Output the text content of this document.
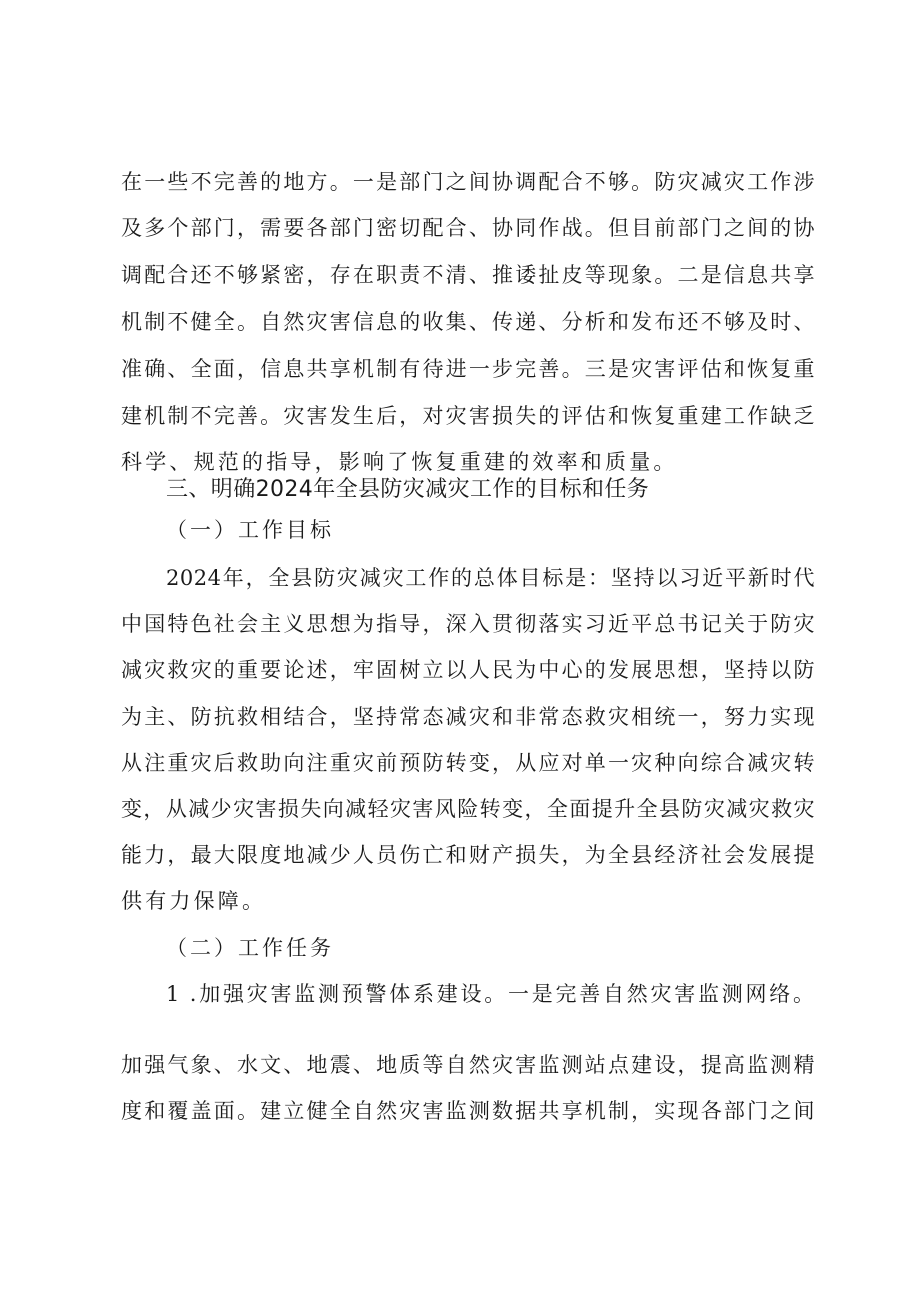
在一些不完善的地方。一是部门之间协调配合不够。防灾减灾工作涉
及多个部门，需要各部门密切配合、协同作战。但目前部门之间的协
调配合还不够紧密，存在职责不清、推诿扯皮等现象。二是信息共享
机制不健全。自然灾害信息的收集、传递、分析和发布还不够及时、
准确、全面，信息共享机制有待进一步完善。三是灾害评估和恢复重
建机制不完善。灾害发生后，对灾害损失的评估和恢复重建工作缺乏
科学、规范的指导，影响了恢复重建的效率和质量。
三、明确2024年全县防灾减灾工作的目标和任务
（一）工作目标
2024年，全县防灾减灾工作的总体目标是：坚持以习近平新时代
中国特色社会主义思想为指导，深入贯彻落实习近平总书记关于防灾
减灾救灾的重要论述，牢固树立以人民为中心的发展思想，坚持以防
为主、防抗救相结合，坚持常态减灾和非常态救灾相统一，努力实现
从注重灾后救助向注重灾前预防转变，从应对单一灾种向综合减灾转
变，从减少灾害损失向减轻灾害风险转变，全面提升全县防灾减灾救灾
能力，最大限度地减少人员伤亡和财产损失，为全县经济社会发展提
供有力保障。
（二）工作任务
1 .加强灾害监测预警体系建设。一是完善自然灾害监测网络。
加强气象、水文、地震、地质等自然灾害监测站点建设，提高监测精
度和覆盖面。建立健全自然灾害监测数据共享机制，实现各部门之间
